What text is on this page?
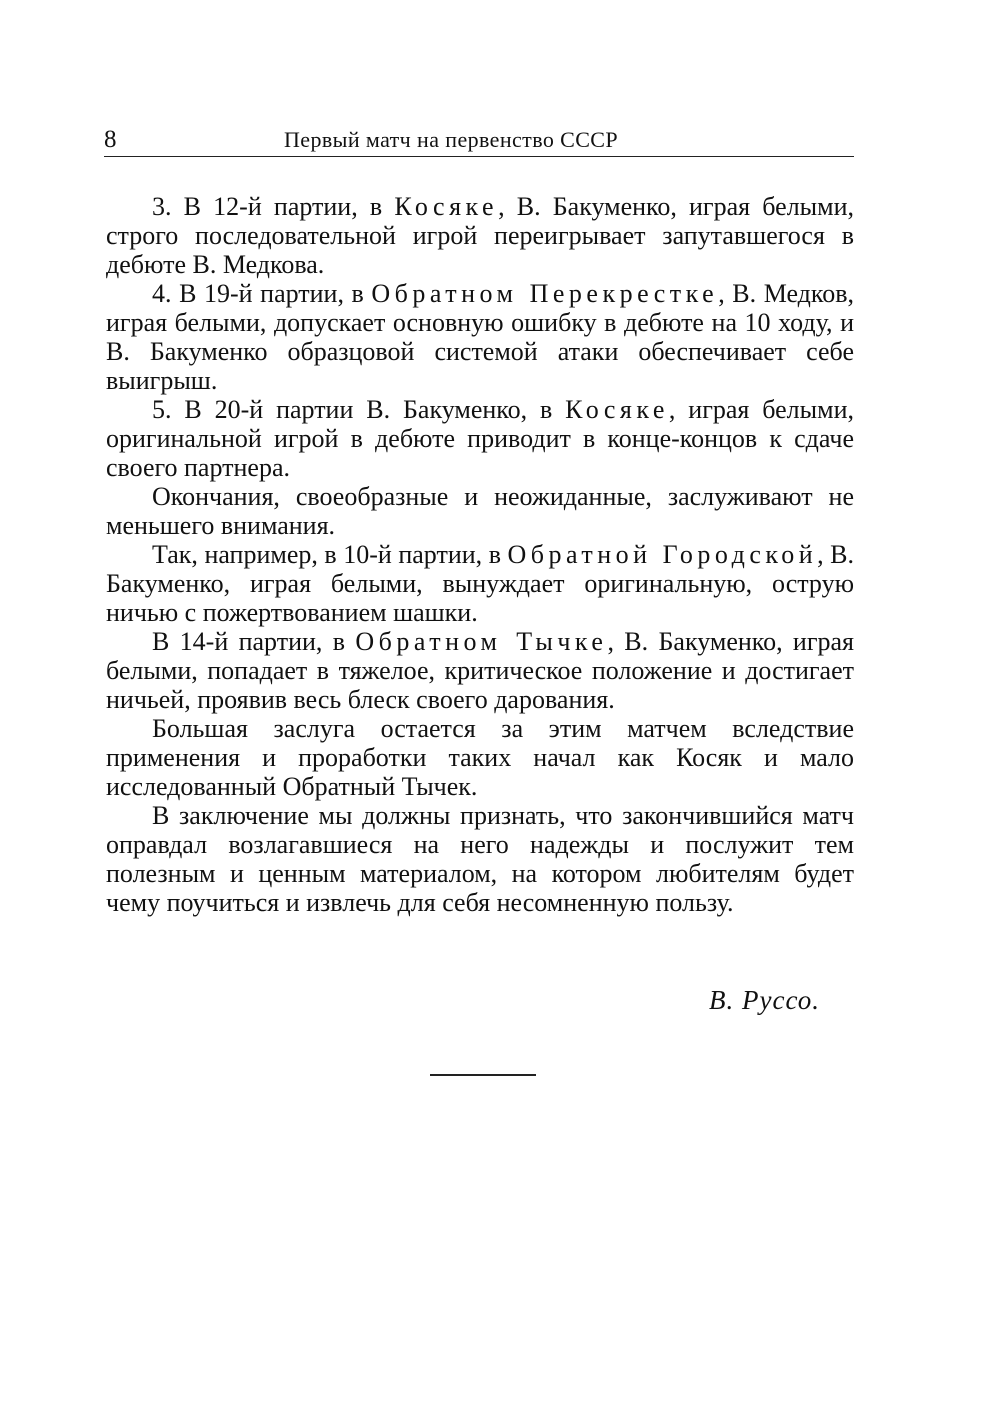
8	Первый матч на первенство СССР

3. В 12-й партии, в Косяке, В. Бакуменко, играя белыми, строго последовательной игрой переигрывает запутавшегося в дебюте В. Медкова.

4. В 19-й партии, в Обратном Перекрестке, В. Медков, играя белыми, допускает основную ошибку в дебюте на 10 ходу, и В. Бакуменко образцовой системой атаки обеспечивает себе выигрыш.

5. В 20-й партии В. Бакуменко, в Косяке, играя белыми, оригинальной игрой в дебюте приводит в конце-концов к сдаче своего партнера.

Окончания, своеобразные и неожиданные, заслуживают не меньшего внимания.

Так, например, в 10-й партии, в Обратной Городской, В. Бакуменко, играя белыми, вынуждает оригинальную, острую ничью с пожертвованием шашки.

В 14-й партии, в Обратном Тычке, В. Бакуменко, играя белыми, попадает в тяжелое, критическое положение и достигает ничьей, проявив весь блеск своего дарования.

Большая заслуга остается за этим матчем вследствие применения и проработки таких начал как Косяк и мало исследованный Обратный Тычек.

В заключение мы должны признать, что закончившийся матч оправдал возлагавшиеся на него надежды и послужит тем полезным и ценным материалом, на котором любителям будет чему поучиться и извлечь для себя несомненную пользу.

В. Руссо.
